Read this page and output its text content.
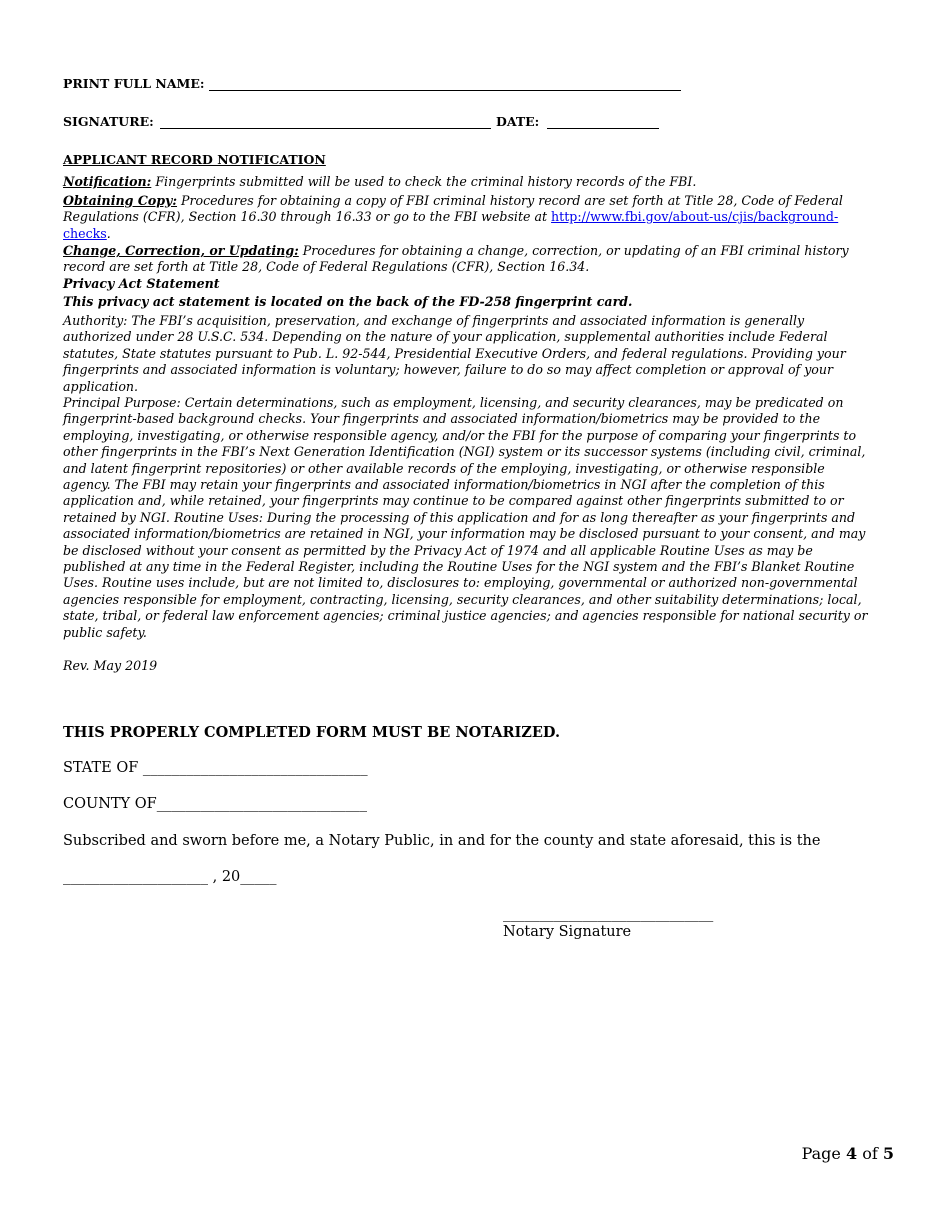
PRINT FULL NAME:
SIGNATURE:	DATE:
APPLICANT RECORD NOTIFICATION
Notification: Fingerprints submitted will be used to check the criminal history records of the FBI.
Obtaining Copy: Procedures for obtaining a copy of FBI criminal history record are set forth at Title 28, Code of Federal Regulations (CFR), Section 16.30 through 16.33 or go to the FBI website at http://www.fbi.gov/about-us/cjis/background- checks.
Change, Correction, or Updating: Procedures for obtaining a change, correction, or updating of an FBI criminal history record are set forth at Title 28, Code of Federal Regulations (CFR), Section 16.34.
Privacy Act Statement
This privacy act statement is located on the back of the FD-258 fingerprint card.
Authority: The FBI’s acquisition, preservation, and exchange of fingerprints and associated information is generally authorized under 28 U.S.C. 534. Depending on the nature of your application, supplemental authorities include Federal statutes, State statutes pursuant to Pub. L. 92-544, Presidential Executive Orders, and federal regulations. Providing your fingerprints and associated information is voluntary; however, failure to do so may affect completion or approval of your application.
Principal Purpose: Certain determinations, such as employment, licensing, and security clearances, may be predicated on fingerprint-based background checks. Your fingerprints and associated information/biometrics may be provided to the employing, investigating, or otherwise responsible agency, and/or the FBI for the purpose of comparing your fingerprints to other fingerprints in the FBI’s Next Generation Identification (NGI) system or its successor systems (including civil, criminal, and latent fingerprint repositories) or other available records of the employing, investigating, or otherwise responsible agency. The FBI may retain your fingerprints and associated information/biometrics in NGI after the completion of this application and, while retained, your fingerprints may continue to be compared against other fingerprints submitted to or retained by NGI. Routine Uses: During the processing of this application and for as long thereafter as your fingerprints and associated information/biometrics are retained in NGI, your information may be disclosed pursuant to your consent, and may be disclosed without your consent as permitted by the Privacy Act of 1974 and all applicable Routine Uses as may be published at any time in the Federal Register, including the Routine Uses for the NGI system and the FBI’s Blanket Routine Uses. Routine uses include, but are not limited to, disclosures to: employing, governmental or authorized non-governmental agencies responsible for employment, contracting, licensing, security clearances, and other suitability determinations; local, state, tribal, or federal law enforcement agencies; criminal justice agencies; and agencies responsible for national security or public safety.
Rev. May 2019
THIS PROPERLY COMPLETED FORM MUST BE NOTARIZED.
STATE OF _______________________________
COUNTY OF_____________________________
Subscribed and sworn before me, a Notary Public, in and for the county and state aforesaid, this is the
____________________ , 20_____
_____________________________
Notary Signature
Page 4 of 5
